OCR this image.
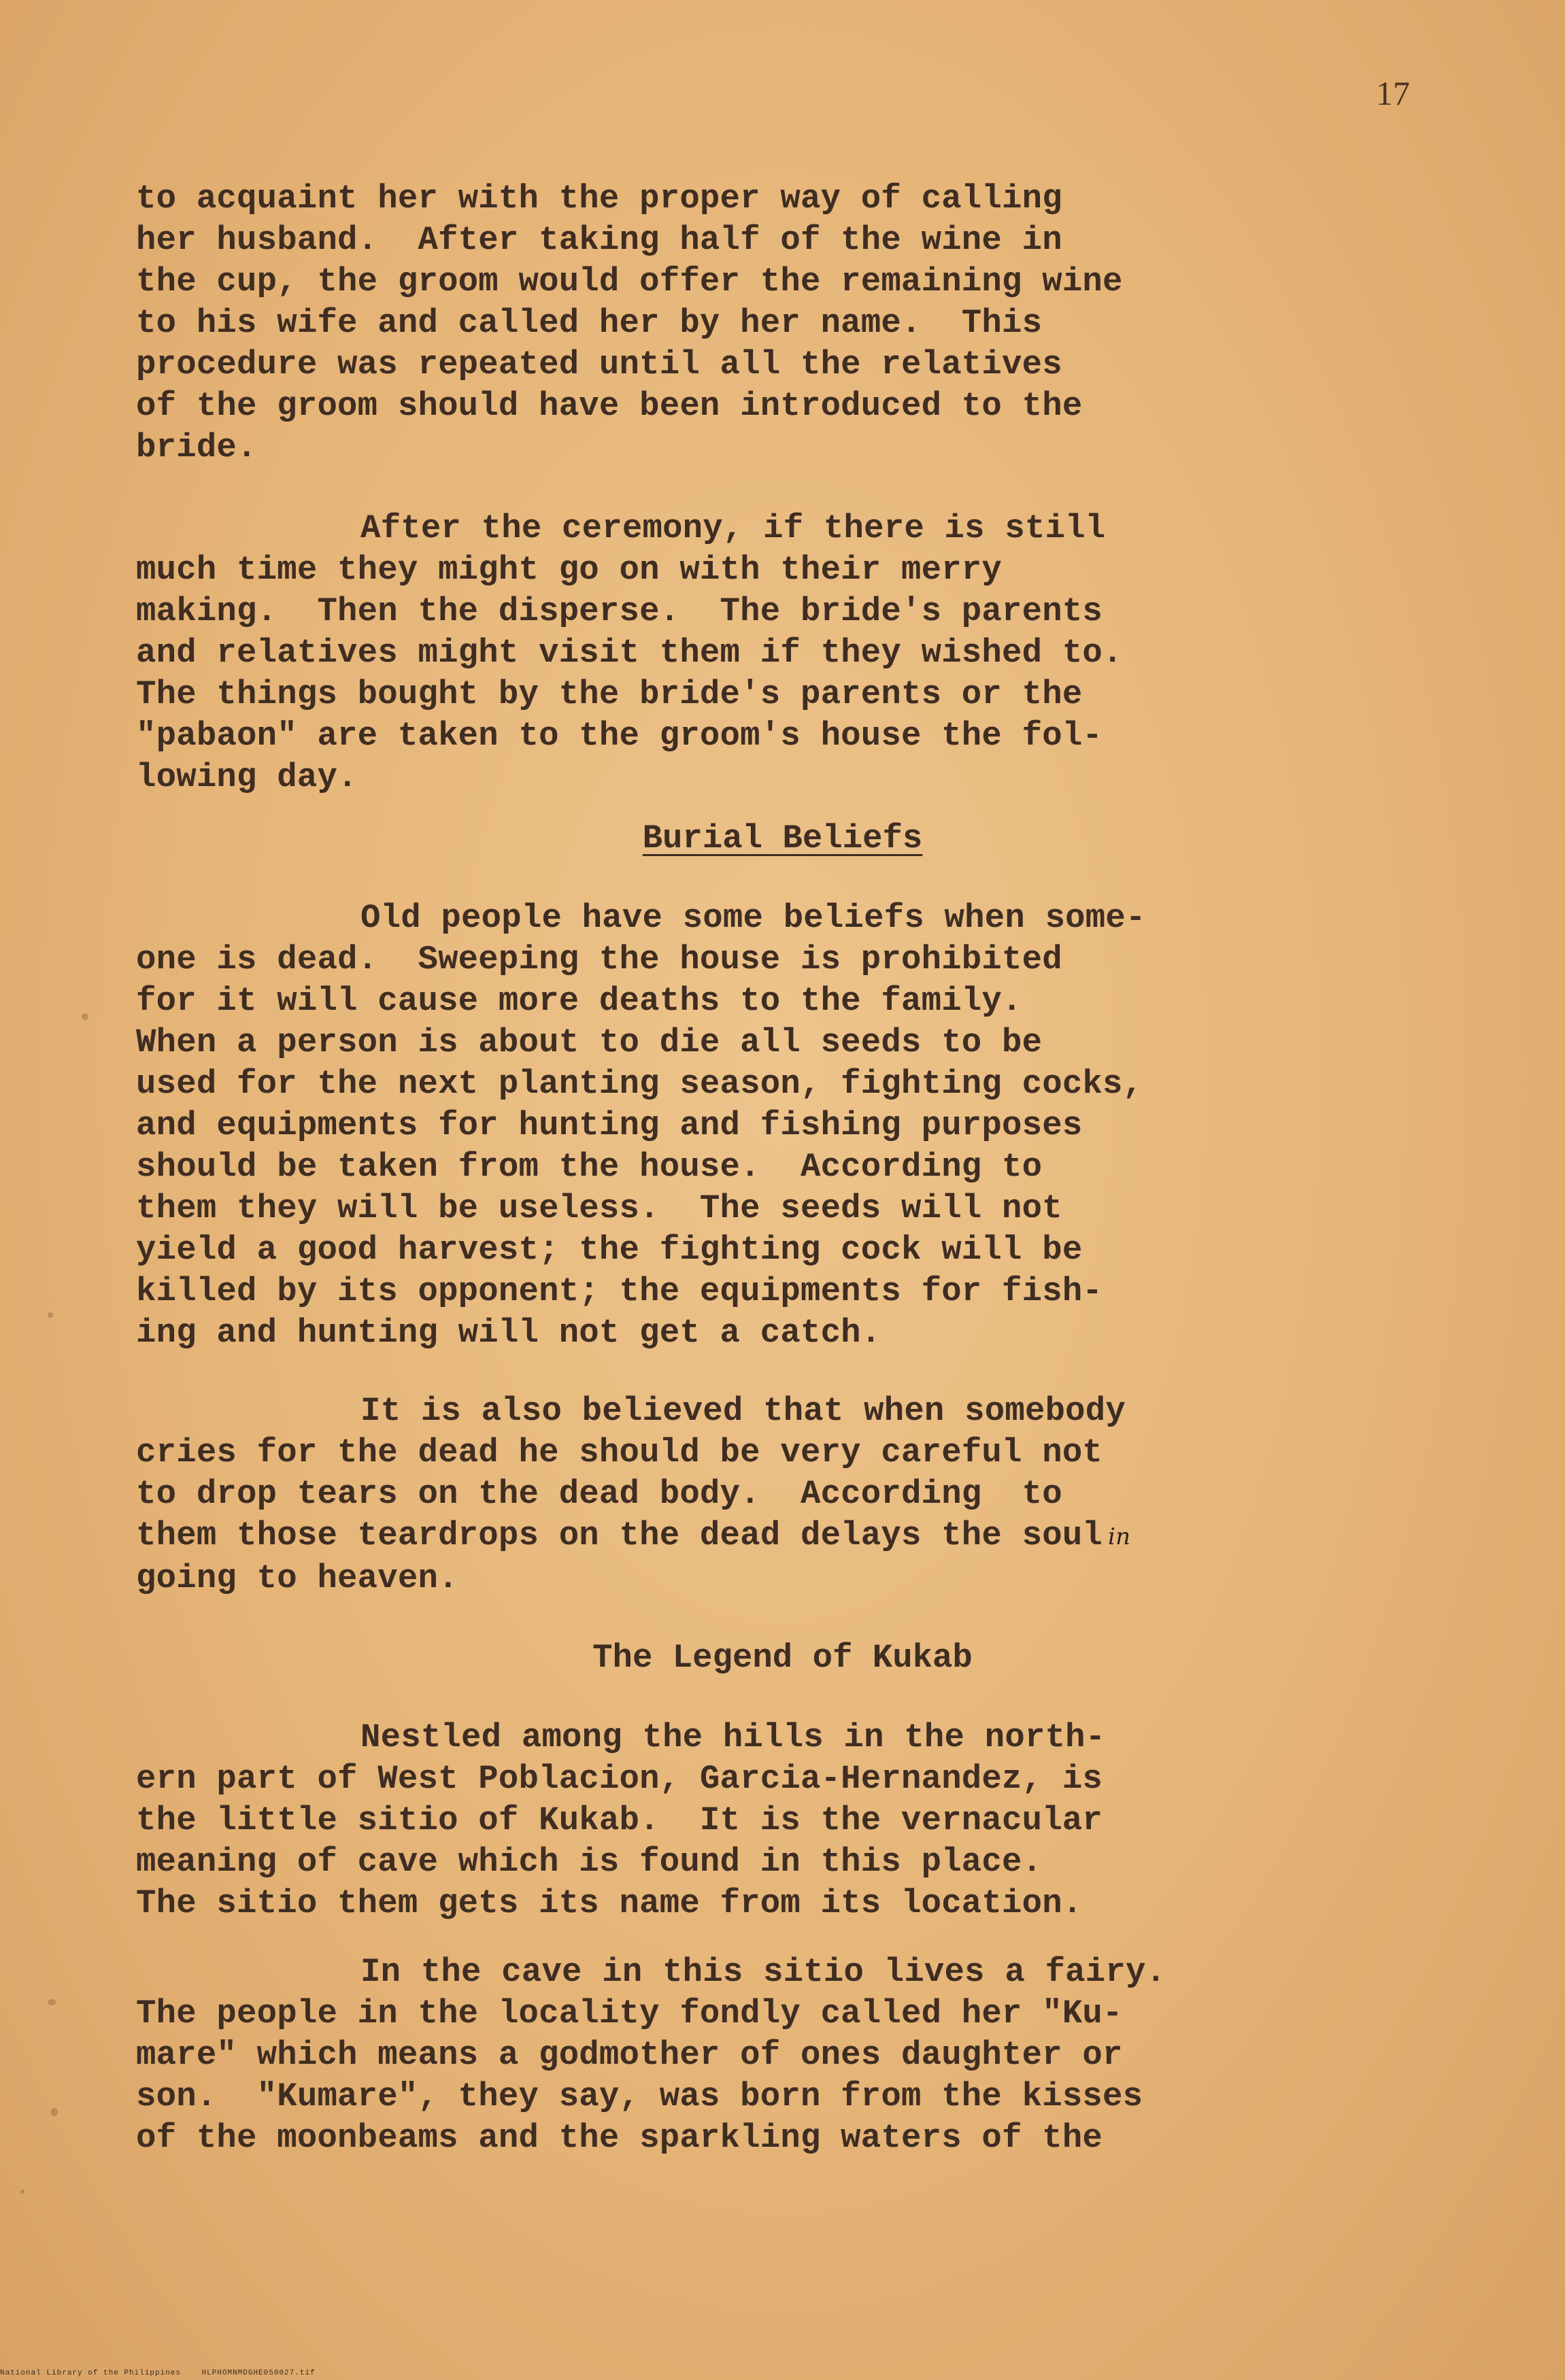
17
to acquaint her with the proper way of calling
her husband.  After taking half of the wine in
the cup, the groom would offer the remaining wine
to his wife and called her by her name.  This
procedure was repeated until all the relatives
of the groom should have been introduced to the
bride.
After the ceremony, if there is still
much time they might go on with their merry
making.  Then the disperse.  The bride's parents
and relatives might visit them if they wished to.
The things bought by the bride's parents or the
"pabaon" are taken to the groom's house the fol-
lowing day.
Burial Beliefs
Old people have some beliefs when some-
one is dead.  Sweeping the house is prohibited
for it will cause more deaths to the family.
When a person is about to die all seeds to be
used for the next planting season, fighting cocks,
and equipments for hunting and fishing purposes
should be taken from the house.  According to
them they will be useless.  The seeds will not
yield a good harvest; the fighting cock will be
killed by its opponent; the equipments for fish-
ing and hunting will not get a catch.
It is also believed that when somebody
cries for the dead he should be very careful not
to drop tears on the dead body.  According  to
them those teardrops on the dead delays the soul in
going to heaven.
The Legend of Kukab
Nestled among the hills in the north-
ern part of West Poblacion, Garcia-Hernandez, is
the little sitio of Kukab.  It is the vernacular
meaning of cave which is found in this place.
The sitio them gets its name from its location.
In the cave in this sitio lives a fairy.
The people in the locality fondly called her "Ku-
mare" which means a godmother of ones daughter or
son.  "Kumare", they say, was born from the kisses
of the moonbeams and the sparkling waters of the
National Library of the Philippines    HLPHOMNMDGHE050027.tif
